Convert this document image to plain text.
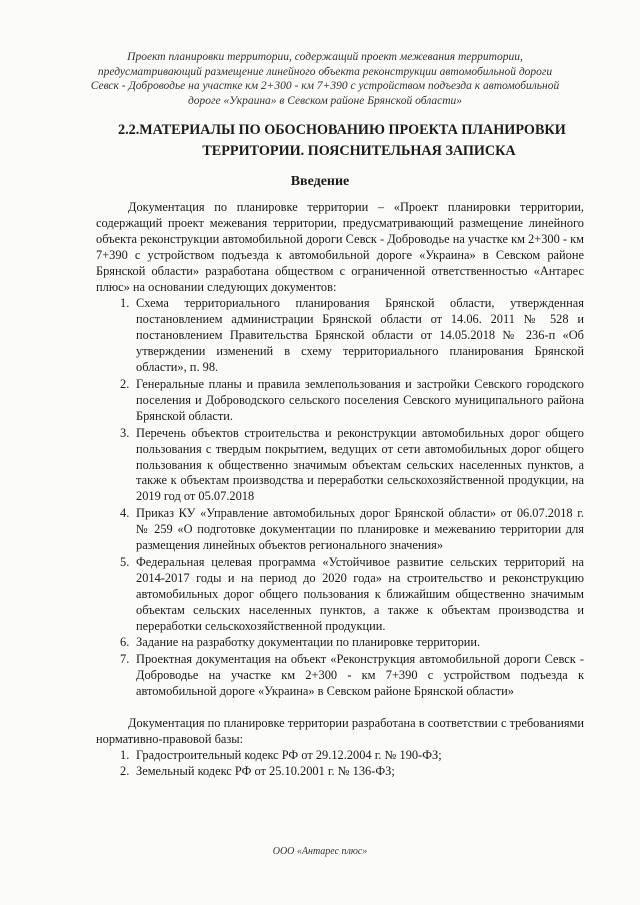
Проект планировки территории, содержащий проект межевания территории, предусматривающий размещение линейного объекта реконструкции автомобильной дороги Севск - Доброводье на участке км 2+300 - км 7+390 с устройством подъезда к автомобильной дороге «Украина» в Севском районе Брянской области»
2.2.МАТЕРИАЛЫ ПО ОБОСНОВАНИЮ ПРОЕКТА ПЛАНИРОВКИ
ТЕРРИТОРИИ. ПОЯСНИТЕЛЬНАЯ ЗАПИСКА
Введение

Документация по планировке территории – «Проект планировки территории, содержащий проект межевания территории, предусматривающий размещение линейного объекта реконструкции автомобильной дороги Севск - Доброводье на участке км 2+300 - км 7+390 с устройством подъезда к автомобильной дороге «Украина» в Севском районе Брянской области» разработана обществом с ограниченной ответственностью «Антарес плюс» на основании следующих документов:

1. Схема территориального планирования Брянской области, утвержденная постановлением администрации Брянской области от 14.06. 2011 № 528 и постановлением Правительства Брянской области от 14.05.2018 № 236-п «Об утверждении изменений в схему территориального планирования Брянской области», п. 98.
2. Генеральные планы и правила землепользования и застройки Севского городского поселения и Доброводского сельского поселения Севского муниципального района Брянской области.
3. Перечень объектов строительства и реконструкции автомобильных дорог общего пользования с твердым покрытием, ведущих от сети автомобильных дорог общего пользования к общественно значимым объектам сельских населенных пунктов, а также к объектам производства и переработки сельскохозяйственной продукции, на 2019 год от 05.07.2018
4. Приказ КУ «Управление автомобильных дорог Брянской области» от 06.07.2018 г. № 259 «О подготовке документации по планировке и межеванию территории для размещения линейных объектов регионального значения»
5. Федеральная целевая программа «Устойчивое развитие сельских территорий на 2014-2017 годы и на период до 2020 года» на строительство и реконструкцию автомобильных дорог общего пользования к ближайшим общественно значимым объектам сельских населенных пунктов, а также к объектам производства и переработки сельскохозяйственной продукции.
6. Задание на разработку документации по планировке территории.
7. Проектная документация на объект «Реконструкция автомобильной дороги Севск - Доброводье на участке км 2+300 - км 7+390 с устройством подъезда к автомобильной дороге «Украина» в Севском районе Брянской области»

Документация по планировке территории разработана в соответствии с требованиями нормативно-правовой базы:

1. Градостроительный кодекс РФ от 29.12.2004 г. № 190-ФЗ;
2. Земельный кодекс РФ от 25.10.2001 г. № 136-ФЗ;
ООО «Антарес плюс»
